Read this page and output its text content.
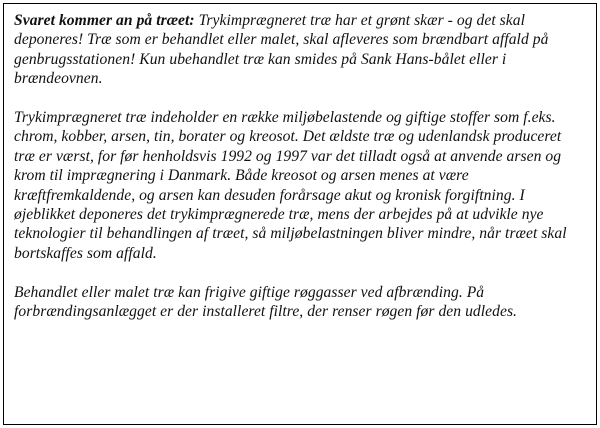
Svaret kommer an på træet: Trykimprægneret træ har et grønt skær - og det skal deponeres! Træ som er behandlet eller malet, skal afleveres som brændbart affald på genbrugsstationen! Kun ubehandlet træ kan smides på Sank Hans-bålet eller i brændeovnen.

Trykimprægneret træ indeholder en række miljøbelastende og giftige stoffer som f.eks. chrom, kobber, arsen, tin, borater og kreosot. Det ældste træ og udenlandsk produceret træ er værst, for før henholdsvis 1992 og 1997 var det tilladt også at anvende arsen og krom til imprægnering i Danmark. Både kreosot og arsen menes at være kræftfremkaldende, og arsen kan desuden forårsage akut og kronisk forgiftning. I øjeblikket deponeres det trykimprægnerede træ, mens der arbejdes på at udvikle nye teknologier til behandlingen af træet, så miljøbelastningen bliver mindre, når træet skal bortskaffes som affald.

Behandlet eller malet træ kan frigive giftige røggasser ved afbrænding. På forbrændingsanlægget er der installeret filtre, der renser røgen før den udledes.
